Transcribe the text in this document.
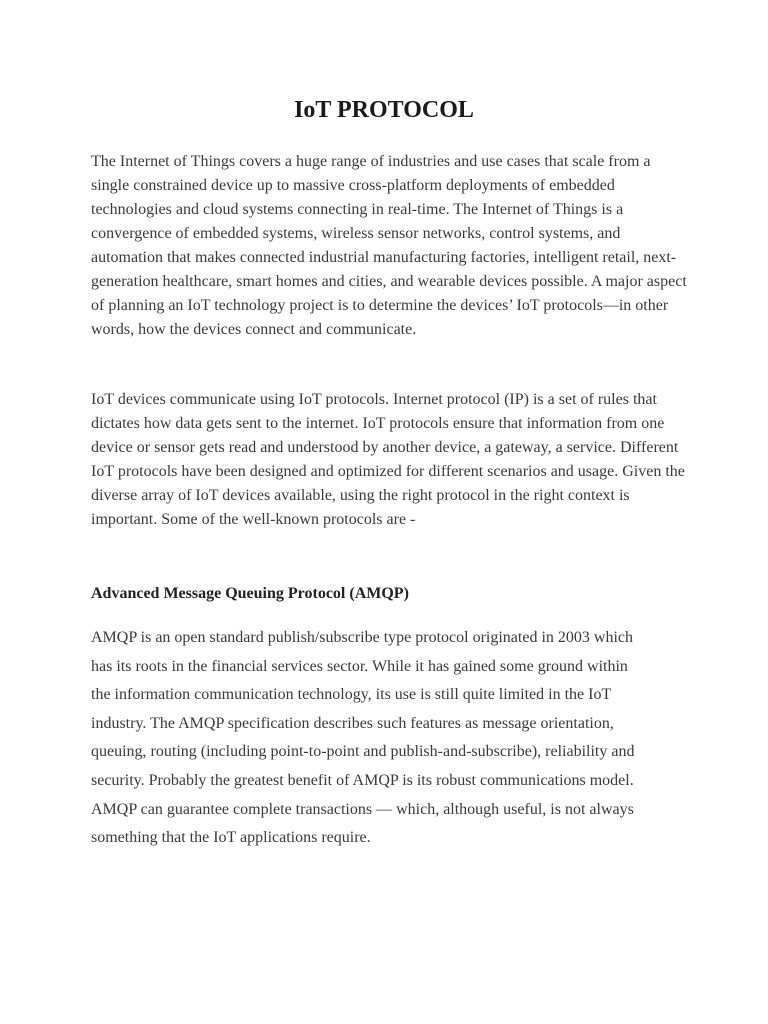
IoT PROTOCOL

The Internet of Things covers a huge range of industries and use cases that scale from a single constrained device up to massive cross-platform deployments of embedded technologies and cloud systems connecting in real-time. The Internet of Things is a convergence of embedded systems, wireless sensor networks, control systems, and automation that makes connected industrial manufacturing factories, intelligent retail, next-generation healthcare, smart homes and cities, and wearable devices possible. A major aspect of planning an IoT technology project is to determine the devices’ IoT protocols—in other words, how the devices connect and communicate.

IoT devices communicate using IoT protocols. Internet protocol (IP) is a set of rules that dictates how data gets sent to the internet. IoT protocols ensure that information from one device or sensor gets read and understood by another device, a gateway, a service. Different IoT protocols have been designed and optimized for different scenarios and usage. Given the diverse array of IoT devices available, using the right protocol in the right context is important. Some of the well-known protocols are -

Advanced Message Queuing Protocol (AMQP)

AMQP is an open standard publish/subscribe type protocol originated in 2003 which has its roots in the financial services sector. While it has gained some ground within the information communication technology, its use is still quite limited in the IoT industry. The AMQP specification describes such features as message orientation, queuing, routing (including point-to-point and publish-and-subscribe), reliability and security. Probably the greatest benefit of AMQP is its robust communications model. AMQP can guarantee complete transactions — which, although useful, is not always something that the IoT applications require.
